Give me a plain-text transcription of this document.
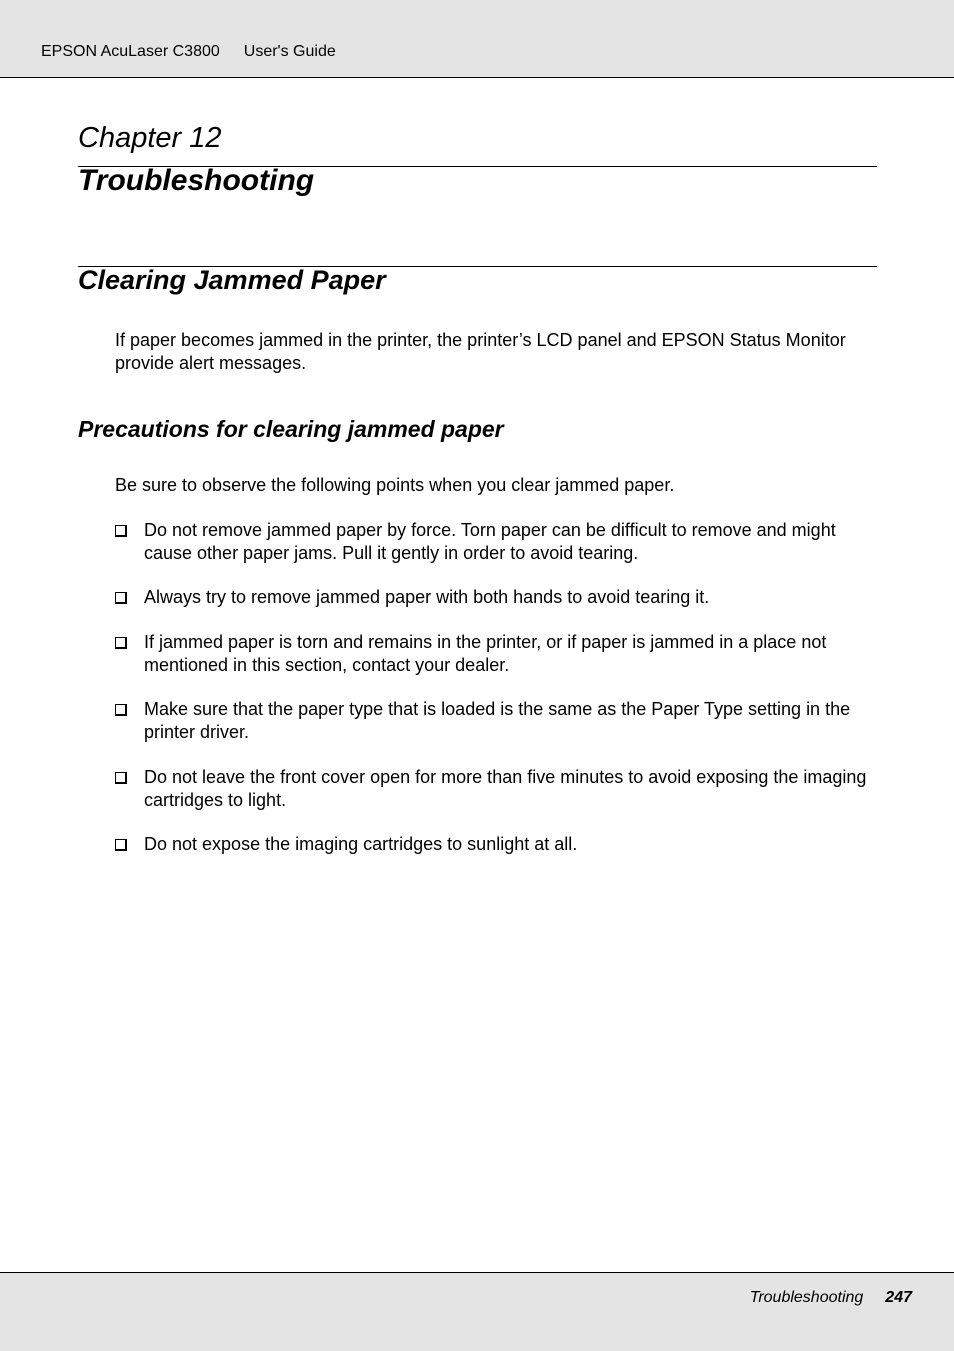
EPSON AcuLaser C3800 User's Guide
Chapter 12
Troubleshooting
Clearing Jammed Paper
If paper becomes jammed in the printer, the printer’s LCD panel and EPSON Status Monitor provide alert messages.
Precautions for clearing jammed paper
Be sure to observe the following points when you clear jammed paper.
Do not remove jammed paper by force. Torn paper can be difficult to remove and might cause other paper jams. Pull it gently in order to avoid tearing.
Always try to remove jammed paper with both hands to avoid tearing it.
If jammed paper is torn and remains in the printer, or if paper is jammed in a place not mentioned in this section, contact your dealer.
Make sure that the paper type that is loaded is the same as the Paper Type setting in the printer driver.
Do not leave the front cover open for more than five minutes to avoid exposing the imaging cartridges to light.
Do not expose the imaging cartridges to sunlight at all.
Troubleshooting 247
